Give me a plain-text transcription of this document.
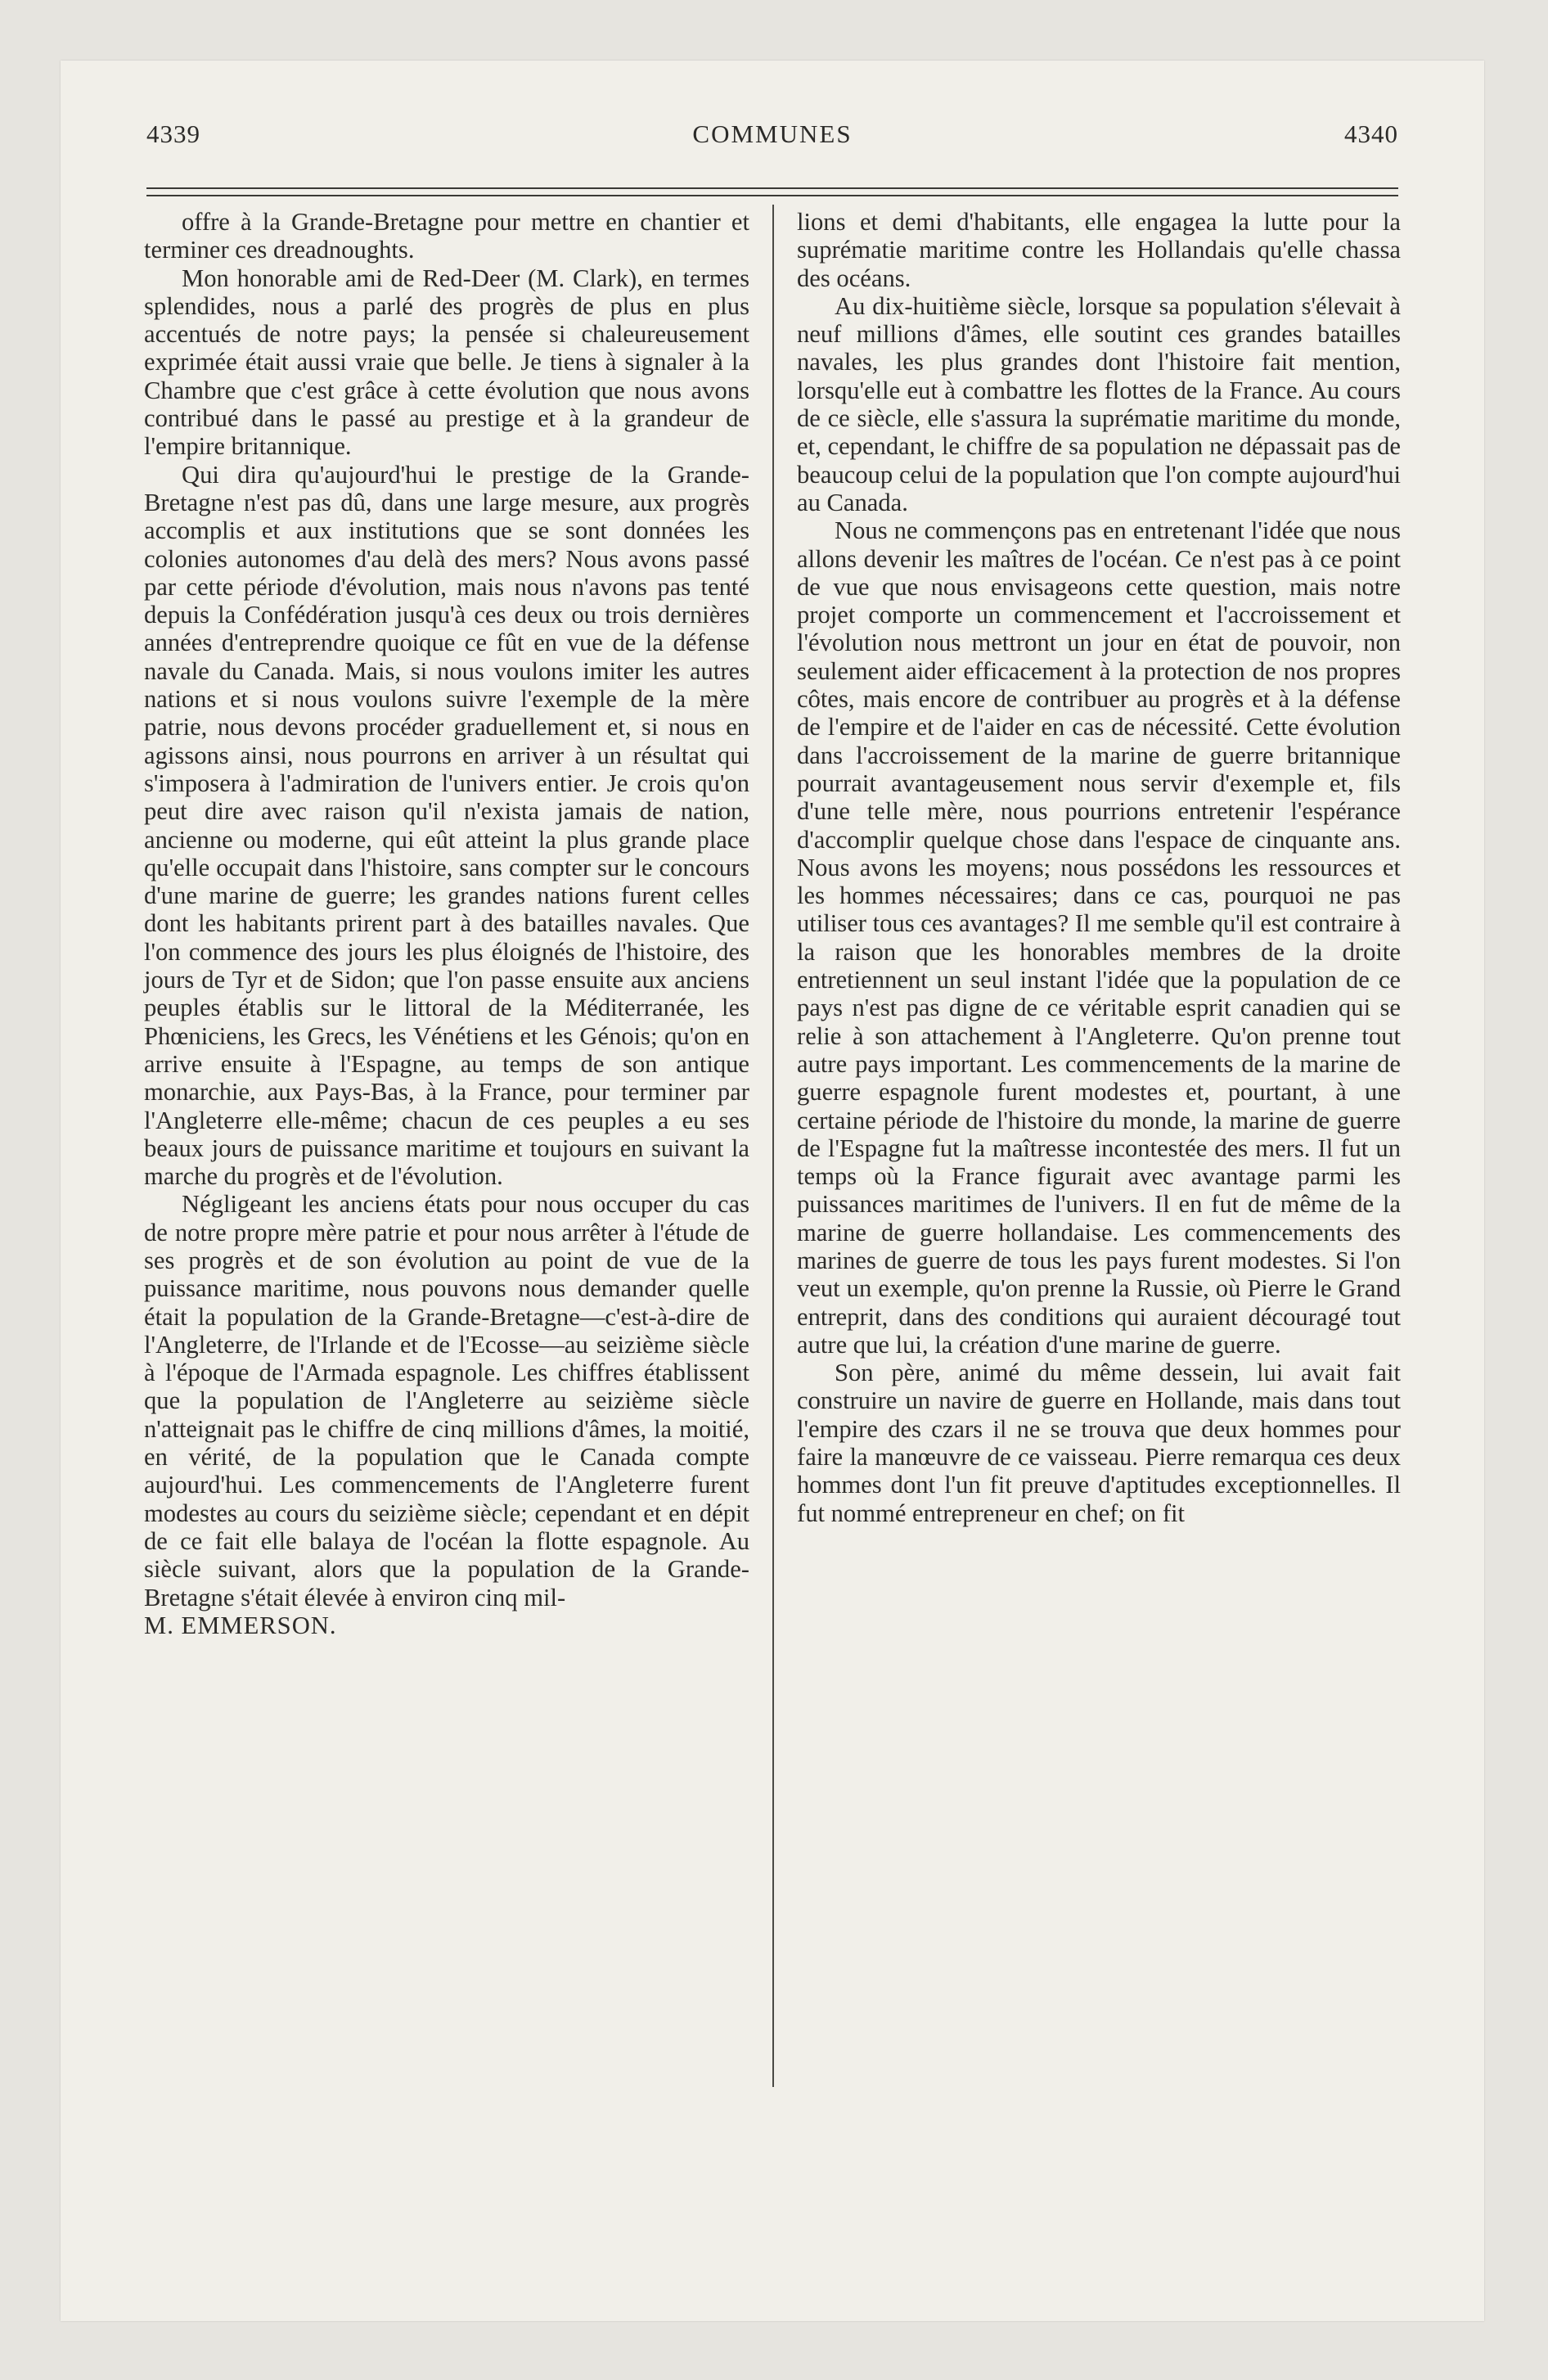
4339	COMMUNES	4340

offre à la Grande-Bretagne pour mettre en chantier et terminer ces dreadnoughts.

Mon honorable ami de Red-Deer (M. Clark), en termes splendides, nous a parlé des progrès de plus en plus accentués de notre pays; la pensée si chaleureusement exprimée était aussi vraie que belle. Je tiens à signaler à la Chambre que c'est grâce à cette évolution que nous avons contribué dans le passé au prestige et à la grandeur de l'empire britannique.

Qui dira qu'aujourd'hui le prestige de la Grande-Bretagne n'est pas dû, dans une large mesure, aux progrès accomplis et aux institutions que se sont données les colonies autonomes d'au delà des mers? Nous avons passé par cette période d'évolution, mais nous n'avons pas tenté depuis la Confédération jusqu'à ces deux ou trois dernières années d'entreprendre quoique ce fût en vue de la défense navale du Canada. Mais, si nous voulons imiter les autres nations et si nous voulons suivre l'exemple de la mère patrie, nous devons procéder graduellement et, si nous en agissons ainsi, nous pourrons en arriver à un résultat qui s'imposera à l'admiration de l'univers entier. Je crois qu'on peut dire avec raison qu'il n'exista jamais de nation, ancienne ou moderne, qui eût atteint la plus grande place qu'elle occupait dans l'histoire, sans compter sur le concours d'une marine de guerre; les grandes nations furent celles dont les habitants prirent part à des batailles navales. Que l'on commence des jours les plus éloignés de l'histoire, des jours de Tyr et de Sidon; que l'on passe ensuite aux anciens peuples établis sur le littoral de la Méditerranée, les Phœniciens, les Grecs, les Vénétiens et les Génois; qu'on en arrive ensuite à l'Espagne, au temps de son antique monarchie, aux Pays-Bas, à la France, pour terminer par l'Angleterre elle-même; chacun de ces peuples a eu ses beaux jours de puissance maritime et toujours en suivant la marche du progrès et de l'évolution.

Négligeant les anciens états pour nous occuper du cas de notre propre mère patrie et pour nous arrêter à l'étude de ses progrès et de son évolution au point de vue de la puissance maritime, nous pouvons nous demander quelle était la population de la Grande-Bretagne—c'est-à-dire de l'Angleterre, de l'Irlande et de l'Ecosse—au seizième siècle à l'époque de l'Armada espagnole. Les chiffres établissent que la population de l'Angleterre au seizième siècle n'atteignait pas le chiffre de cinq millions d'âmes, la moitié, en vérité, de la population que le Canada compte aujourd'hui. Les commencements de l'Angleterre furent modestes au cours du seizième siècle; cependant et en dépit de ce fait elle balaya de l'océan la flotte espagnole. Au siècle suivant, alors que la population de la Grande-Bretagne s'était élevée à environ cinq mil-

M. EMMERSON.

lions et demi d'habitants, elle engagea la lutte pour la suprématie maritime contre les Hollandais qu'elle chassa des océans.

Au dix-huitième siècle, lorsque sa population s'élevait à neuf millions d'âmes, elle soutint ces grandes batailles navales, les plus grandes dont l'histoire fait mention, lorsqu'elle eut à combattre les flottes de la France. Au cours de ce siècle, elle s'assura la suprématie maritime du monde, et, cependant, le chiffre de sa population ne dépassait pas de beaucoup celui de la population que l'on compte aujourd'hui au Canada.

Nous ne commençons pas en entretenant l'idée que nous allons devenir les maîtres de l'océan. Ce n'est pas à ce point de vue que nous envisageons cette question, mais notre projet comporte un commencement et l'accroissement et l'évolution nous mettront un jour en état de pouvoir, non seulement aider efficacement à la protection de nos propres côtes, mais encore de contribuer au progrès et à la défense de l'empire et de l'aider en cas de nécessité. Cette évolution dans l'accroissement de la marine de guerre britannique pourrait avantageusement nous servir d'exemple et, fils d'une telle mère, nous pourrions entretenir l'espérance d'accomplir quelque chose dans l'espace de cinquante ans. Nous avons les moyens; nous possédons les ressources et les hommes nécessaires; dans ce cas, pourquoi ne pas utiliser tous ces avantages? Il me semble qu'il est contraire à la raison que les honorables membres de la droite entretiennent un seul instant l'idée que la population de ce pays n'est pas digne de ce véritable esprit canadien qui se relie à son attachement à l'Angleterre. Qu'on prenne tout autre pays important. Les commencements de la marine de guerre espagnole furent modestes et, pourtant, à une certaine période de l'histoire du monde, la marine de guerre de l'Espagne fut la maîtresse incontestée des mers. Il fut un temps où la France figurait avec avantage parmi les puissances maritimes de l'univers. Il en fut de même de la marine de guerre hollandaise. Les commencements des marines de guerre de tous les pays furent modestes. Si l'on veut un exemple, qu'on prenne la Russie, où Pierre le Grand entreprit, dans des conditions qui auraient découragé tout autre que lui, la création d'une marine de guerre.

Son père, animé du même dessein, lui avait fait construire un navire de guerre en Hollande, mais dans tout l'empire des czars il ne se trouva que deux hommes pour faire la manœuvre de ce vaisseau. Pierre remarqua ces deux hommes dont l'un fit preuve d'aptitudes exceptionnelles. Il fut nommé entrepreneur en chef; on fit
